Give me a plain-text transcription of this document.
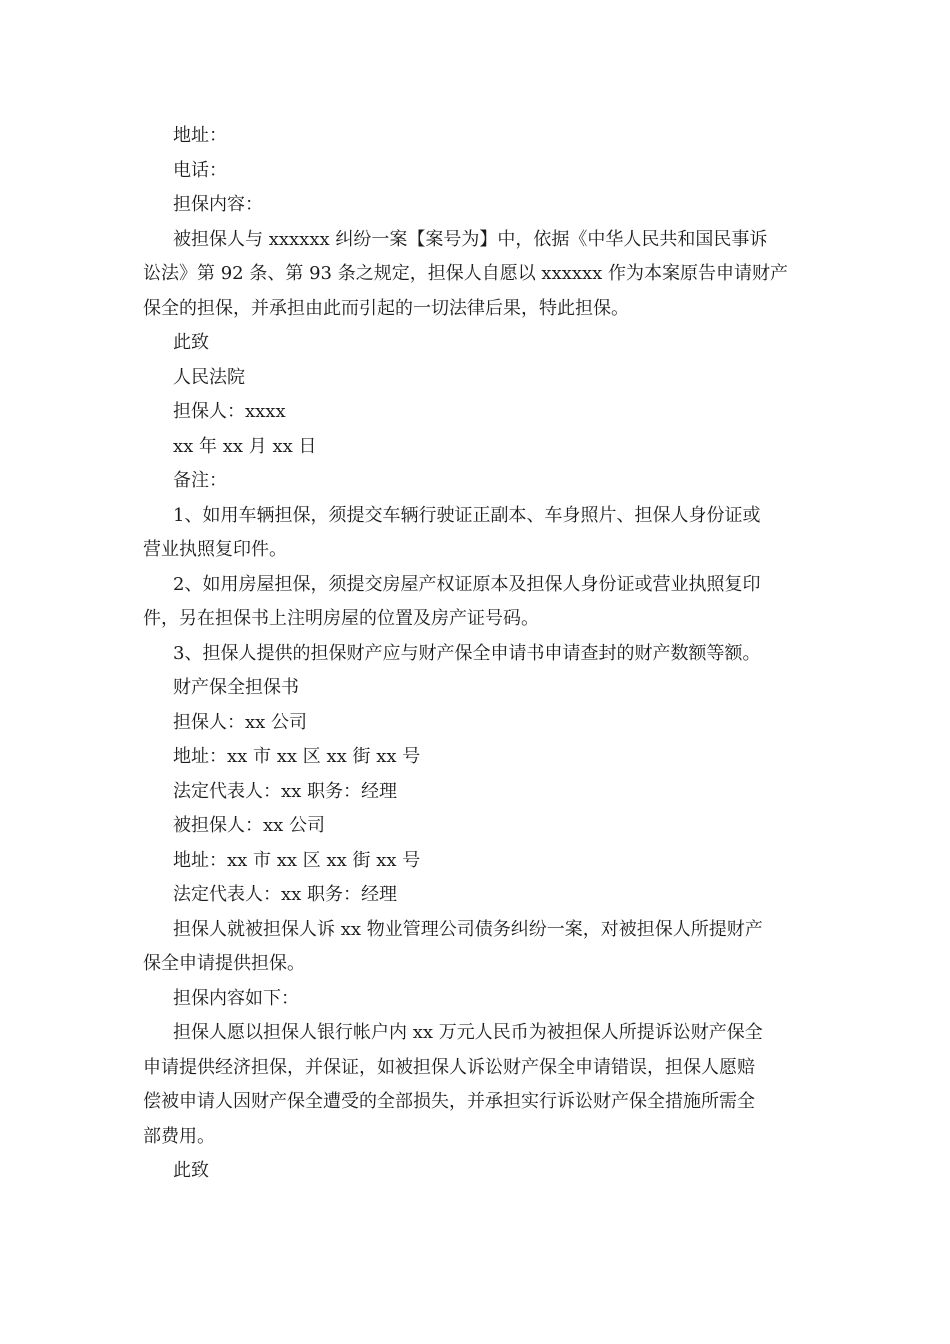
地址：
电话：
担保内容：
被担保人与 xxxxxx 纠纷一案【案号为】中，依据《中华人民共和国民事诉
讼法》第 92 条、第 93 条之规定，担保人自愿以 xxxxxx 作为本案原告申请财产
保全的担保，并承担由此而引起的一切法律后果，特此担保。
此致
人民法院
担保人：xxxx
xx 年 xx 月 xx 日
备注：
1、如用车辆担保，须提交车辆行驶证正副本、车身照片、担保人身份证或
营业执照复印件。
2、如用房屋担保，须提交房屋产权证原本及担保人身份证或营业执照复印
件，另在担保书上注明房屋的位置及房产证号码。
3、担保人提供的担保财产应与财产保全申请书申请查封的财产数额等额。
财产保全担保书
担保人：xx 公司
地址：xx 市 xx 区 xx 街 xx 号
法定代表人：xx 职务：经理
被担保人：xx 公司
地址：xx 市 xx 区 xx 街 xx 号
法定代表人：xx 职务：经理
担保人就被担保人诉 xx 物业管理公司债务纠纷一案，对被担保人所提财产
保全申请提供担保。
担保内容如下：
担保人愿以担保人银行帐户内 xx 万元人民币为被担保人所提诉讼财产保全
申请提供经济担保，并保证，如被担保人诉讼财产保全申请错误，担保人愿赔
偿被申请人因财产保全遭受的全部损失，并承担实行诉讼财产保全措施所需全
部费用。
此致
